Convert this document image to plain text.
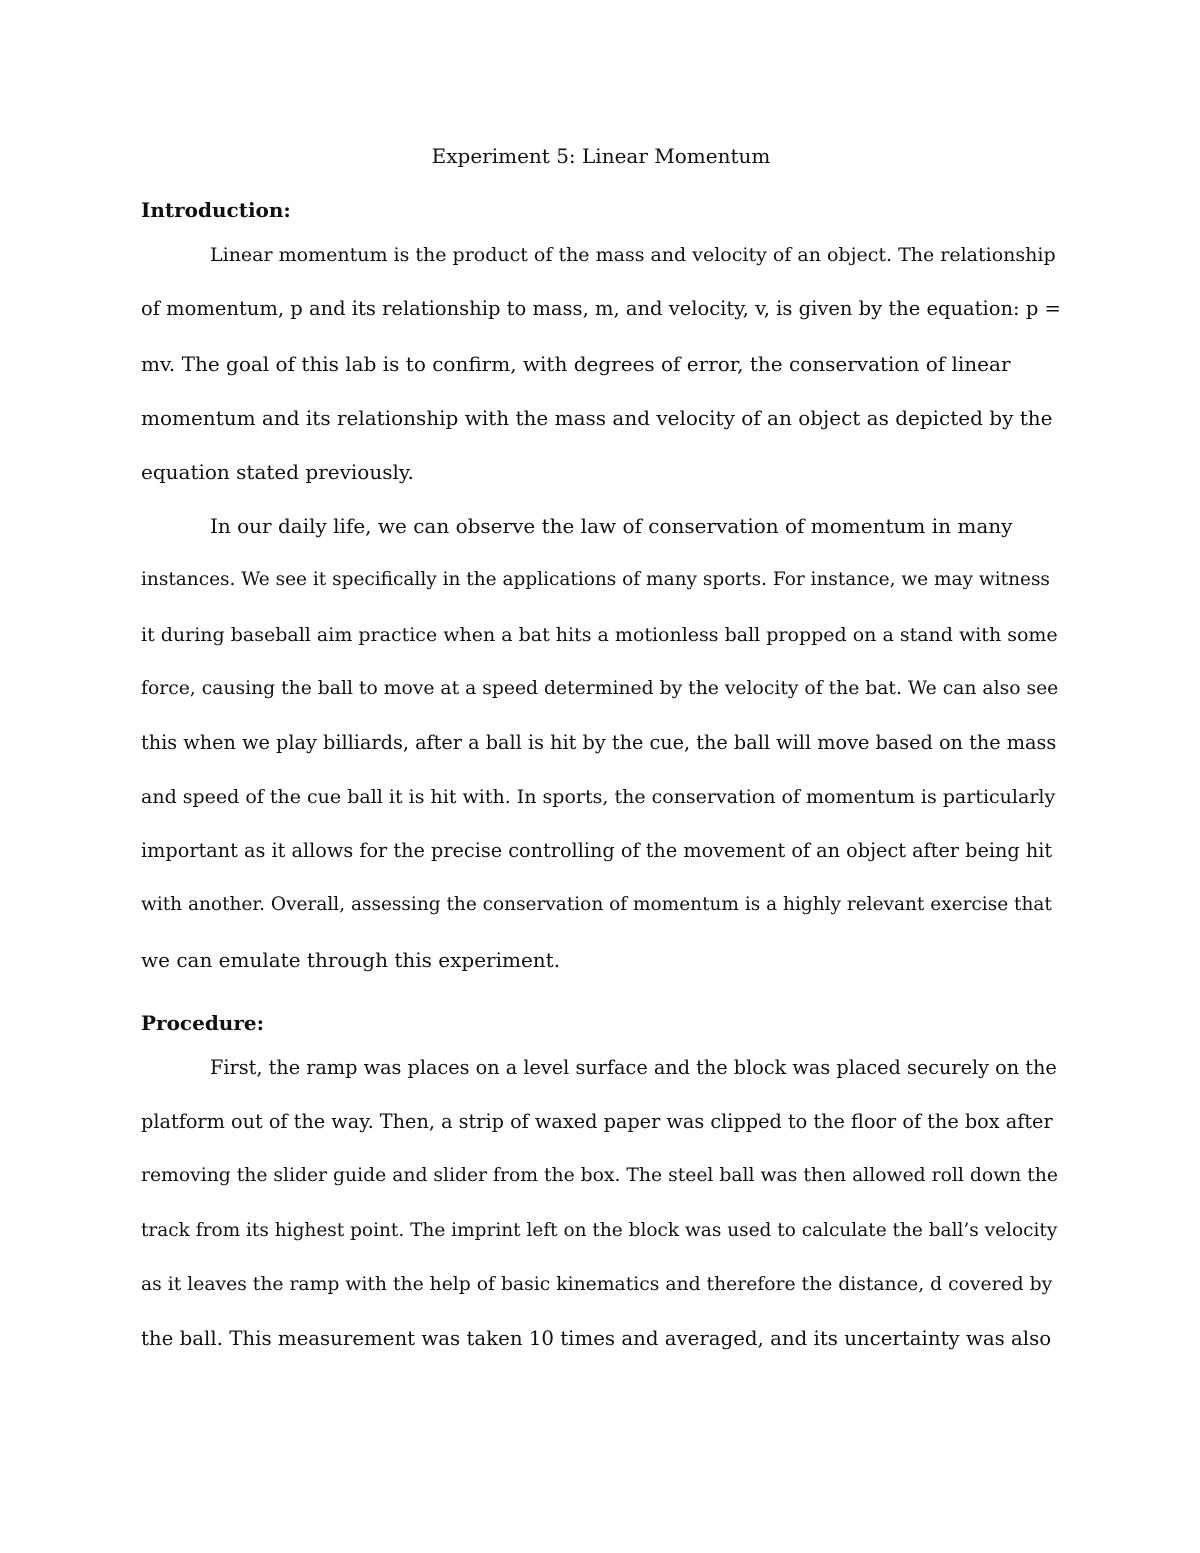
Experiment 5: Linear Momentum

Introduction:

Linear momentum is the product of the mass and velocity of an object. The relationship

of momentum, p and its relationship to mass, m, and velocity, v, is given by the equation: p =

mv. The goal of this lab is to confirm, with degrees of error, the conservation of linear

momentum and its relationship with the mass and velocity of an object as depicted by the

equation stated previously.

In our daily life, we can observe the law of conservation of momentum in many

instances. We see it specifically in the applications of many sports. For instance, we may witness

it during baseball aim practice when a bat hits a motionless ball propped on a stand with some

force, causing the ball to move at a speed determined by the velocity of the bat. We can also see

this when we play billiards, after a ball is hit by the cue, the ball will move based on the mass

and speed of the cue ball it is hit with. In sports, the conservation of momentum is particularly

important as it allows for the precise controlling of the movement of an object after being hit

with another. Overall, assessing the conservation of momentum is a highly relevant exercise that

we can emulate through this experiment.

Procedure:

First, the ramp was places on a level surface and the block was placed securely on the

platform out of the way. Then, a strip of waxed paper was clipped to the floor of the box after

removing the slider guide and slider from the box. The steel ball was then allowed roll down the

track from its highest point. The imprint left on the block was used to calculate the ball’s velocity

as it leaves the ramp with the help of basic kinematics and therefore the distance, d covered by

the ball. This measurement was taken 10 times and averaged, and its uncertainty was also
